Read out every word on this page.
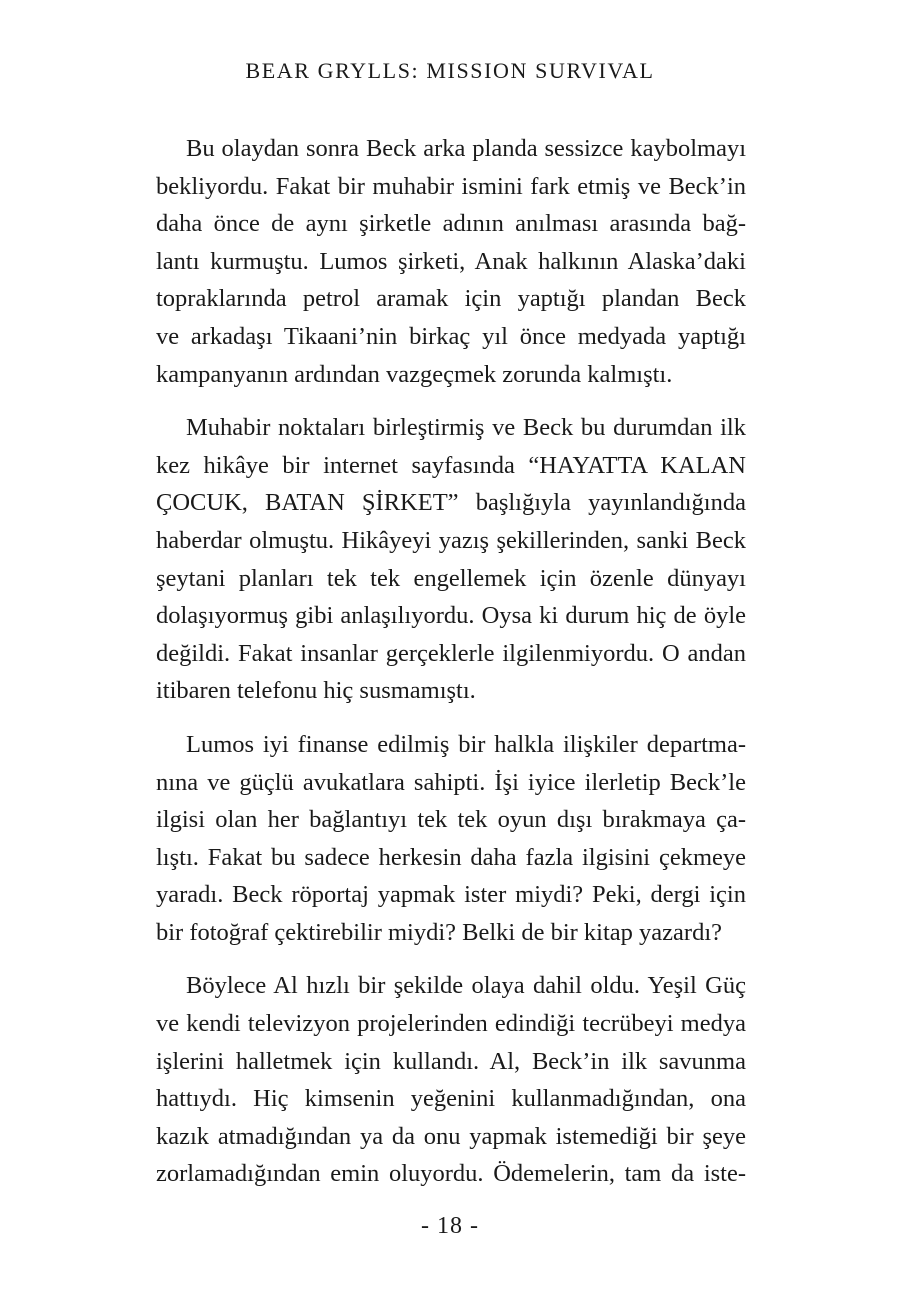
BEAR GRYLLS: MISSION SURVIVAL
Bu olaydan sonra Beck arka planda sessizce kaybolmayı
bekliyordu. Fakat bir muhabir ismini fark etmiş ve Beck’in
daha önce de aynı şirketle adının anılması arasında bağ-
lantı kurmuştu. Lumos şirketi, Anak halkının Alaska’daki
topraklarında petrol aramak için yaptığı plandan Beck
ve arkadaşı Tikaani’nin birkaç yıl önce medyada yaptığı
kampanyanın ardından vazgeçmek zorunda kalmıştı.
Muhabir noktaları birleştirmiş ve Beck bu durumdan ilk
kez hikâye bir internet sayfasında “HAYATTA KALAN
ÇOCUK, BATAN ŞİRKET” başlığıyla yayınlandığında
haberdar olmuştu. Hikâyeyi yazış şekillerinden, sanki Beck
şeytani planları tek tek engellemek için özenle dünyayı
dolaşıyormuş gibi anlaşılıyordu. Oysa ki durum hiç de öyle
değildi. Fakat insanlar gerçeklerle ilgilenmiyordu. O andan
itibaren telefonu hiç susmamıştı.
Lumos iyi finanse edilmiş bir halkla ilişkiler departma-
nına ve güçlü avukatlara sahipti. İşi iyice ilerletip Beck’le
ilgisi olan her bağlantıyı tek tek oyun dışı bırakmaya ça-
lıştı. Fakat bu sadece herkesin daha fazla ilgisini çekmeye
yaradı. Beck röportaj yapmak ister miydi? Peki, dergi için
bir fotoğraf çektirebilir miydi? Belki de bir kitap yazardı?
Böylece Al hızlı bir şekilde olaya dahil oldu. Yeşil Güç
ve kendi televizyon projelerinden edindiği tecrübeyi medya
işlerini halletmek için kullandı. Al, Beck’in ilk savunma
hattıydı. Hiç kimsenin yeğenini kullanmadığından, ona
kazık atmadığından ya da onu yapmak istemediği bir şeye
zorlamadığından emin oluyordu. Ödemelerin, tam da iste-
- 18 -
